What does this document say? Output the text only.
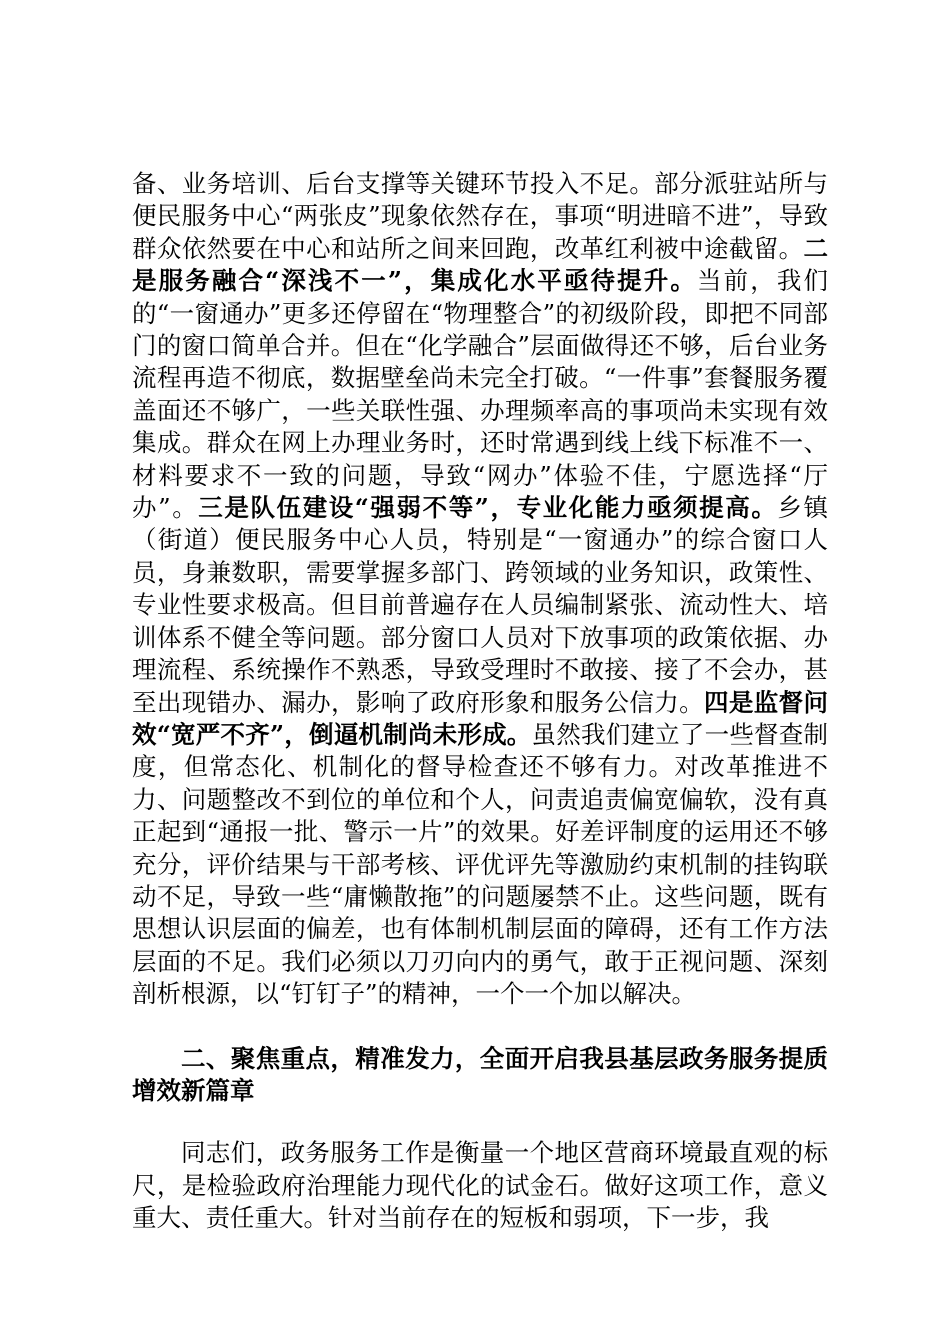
备、业务培训、后台支撑等关键环节投入不足。部分派驻站所与便民服务中心“两张皮”现象依然存在，事项“明进暗不进”，导致群众依然要在中心和站所之间来回跑，改革红利被中途截留。二是服务融合“深浅不一”，集成化水平亟待提升。当前，我们的“一窗通办”更多还停留在“物理整合”的初级阶段，即把不同部门的窗口简单合并。但在“化学融合”层面做得还不够，后台业务流程再造不彻底，数据壁垒尚未完全打破。“一件事”套餐服务覆盖面还不够广，一些关联性强、办理频率高的事项尚未实现有效集成。群众在网上办理业务时，还时常遇到线上线下标准不一、材料要求不一致的问题，导致“网办”体验不佳，宁愿选择“厅办”。三是队伍建设“强弱不等”，专业化能力亟须提高。乡镇（街道）便民服务中心人员，特别是“一窗通办”的综合窗口人员，身兼数职，需要掌握多部门、跨领域的业务知识，政策性、专业性要求极高。但目前普遍存在人员编制紧张、流动性大、培训体系不健全等问题。部分窗口人员对下放事项的政策依据、办理流程、系统操作不熟悉，导致受理时不敢接、接了不会办，甚至出现错办、漏办，影响了政府形象和服务公信力。四是监督问效“宽严不齐”，倒逼机制尚未形成。虽然我们建立了一些督查制度，但常态化、机制化的督导检查还不够有力。对改革推进不力、问题整改不到位的单位和个人，问责追责偏宽偏软，没有真正起到“通报一批、警示一片”的效果。好差评制度的运用还不够充分，评价结果与干部考核、评优评先等激励约束机制的挂钩联动不足，导致一些“庸懒散拖”的问题屡禁不止。这些问题，既有思想认识层面的偏差，也有体制机制层面的障碍，还有工作方法层面的不足。我们必须以刀刃向内的勇气，敢于正视问题、深刻剖析根源，以“钉钉子”的精神，一个一个加以解决。

二、聚焦重点，精准发力，全面开启我县基层政务服务提质增效新篇章

同志们，政务服务工作是衡量一个地区营商环境最直观的标尺，是检验政府治理能力现代化的试金石。做好这项工作，意义重大、责任重大。针对当前存在的短板和弱项，下一步，我
